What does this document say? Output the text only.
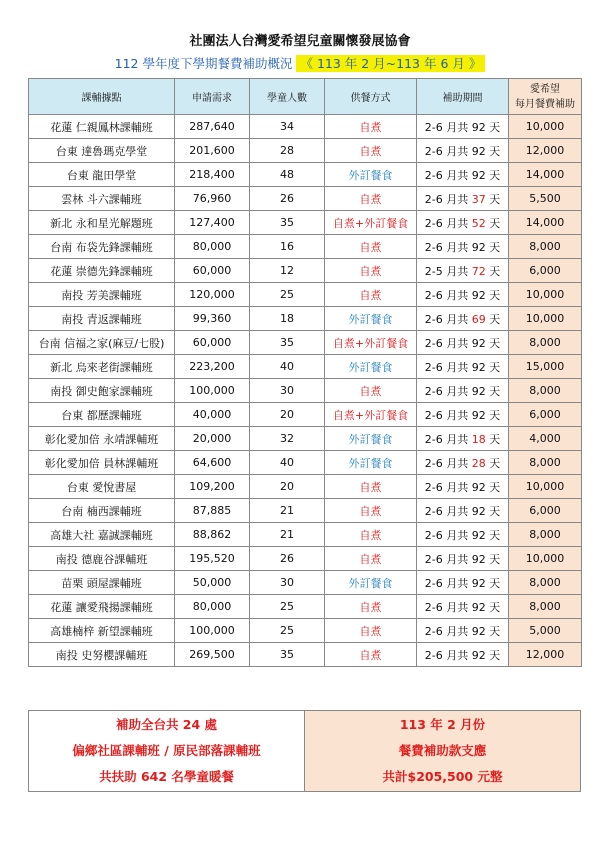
社團法人台灣愛希望兒童關懷發展協會
112 學年度下學期餐費補助概況 《 113 年 2 月~113 年 6 月 》
課輔據點	申請需求	學童人數	供餐方式	補助期間	愛希望
每月餐費補助
花蓮 仁親鳳林課輔班	287,640	34	自煮	2-6 月共 92 天	10,000
台東 達魯瑪克學堂	201,600	28	自煮	2-6 月共 92 天	12,000
台東 龍田學堂	218,400	48	外訂餐食	2-6 月共 92 天	14,000
雲林 斗六課輔班	76,960	26	自煮	2-6 月共 37 天	5,500
新北 永和星光解題班	127,400	35	自煮+外訂餐食	2-6 月共 52 天	14,000
台南 布袋先鋒課輔班	80,000	16	自煮	2-6 月共 92 天	8,000
花蓮 崇德先鋒課輔班	60,000	12	自煮	2-5 月共 72 天	6,000
南投 芳美課輔班	120,000	25	自煮	2-6 月共 92 天	10,000
南投 青返課輔班	99,360	18	外訂餐食	2-6 月共 69 天	10,000
台南 信福之家(麻豆/七股)	60,000	35	自煮+外訂餐食	2-6 月共 92 天	8,000
新北 烏來老街課輔班	223,200	40	外訂餐食	2-6 月共 92 天	15,000
南投 御史飽家課輔班	100,000	30	自煮	2-6 月共 92 天	8,000
台東 都歷課輔班	40,000	20	自煮+外訂餐食	2-6 月共 92 天	6,000
彰化愛加倍 永靖課輔班	20,000	32	外訂餐食	2-6 月共 18 天	4,000
彰化愛加倍 員林課輔班	64,600	40	外訂餐食	2-6 月共 28 天	8,000
台東 愛悅書屋	109,200	20	自煮	2-6 月共 92 天	10,000
台南 楠西課輔班	87,885	21	自煮	2-6 月共 92 天	6,000
高雄大社 嘉誠課輔班	88,862	21	自煮	2-6 月共 92 天	8,000
南投 德鹿谷課輔班	195,520	26	自煮	2-6 月共 92 天	10,000
苗栗 頭屋課輔班	50,000	30	外訂餐食	2-6 月共 92 天	8,000
花蓮 讓愛飛揚課輔班	80,000	25	自煮	2-6 月共 92 天	8,000
高雄楠梓 新望課輔班	100,000	25	自煮	2-6 月共 92 天	5,000
南投 史努櫻課輔班	269,500	35	自煮	2-6 月共 92 天	12,000
補助全台共 24 處
偏鄉社區課輔班 / 原民部落課輔班
共扶助 642 名學童暖餐

113 年 2 月份
餐費補助款支應
共計$205,500 元整
